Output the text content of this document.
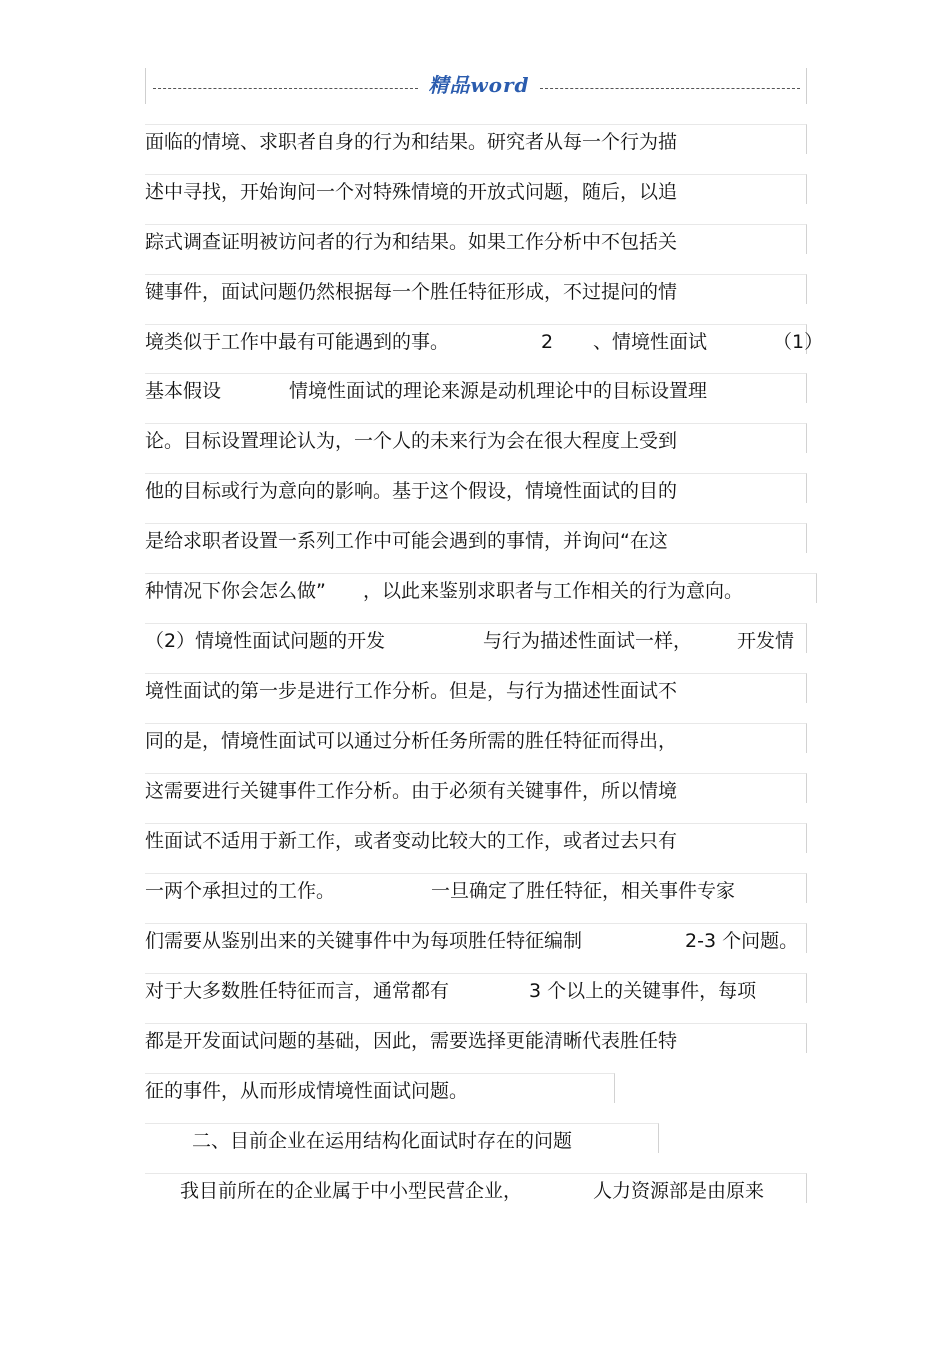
精品word
面临的情境、求职者自身的行为和结果。研究者从每一个行为描
述中寻找，开始询问一个对特殊情境的开放式问题，随后，以追
踪式调查证明被访问者的行为和结果。如果工作分析中不包括关
键事件，面试问题仍然根据每一个胜任特征形成，不过提问的情

境类似于工作中最有可能遇到的事。

	2

、情境性面试

	（1）

基本假设

	情境性面试的理论来源是动机理论中的目标设置理

论。目标设置理论认为，一个人的未来行为会在很大程度上受到
他的目标或行为意向的影响。基于这个假设，情境性面试的目的
是给求职者设置一系列工作中可能会遇到的事情，并询问“在这

种情况下你会怎么做”

，以此来鉴别求职者与工作相关的行为意向。

（2）情境性面试问题的开发

	与行为描述性面试一样，

开发情

境性面试的第一步是进行工作分析。但是，与行为描述性面试不
同的是，情境性面试可以通过分析任务所需的胜任特征而得出，
这需要进行关键事件工作分析。由于必须有关键事件，所以情境
性面试不适用于新工作，或者变动比较大的工作，或者过去只有

一两个承担过的工作。

	一旦确定了胜任特征，相关事件专家

们需要从鉴别出来的关键事件中为每项胜任特征编制

	2-3 个问题。

对于大多数胜任特征而言，通常都有

	3 个以上的关键事件，每项

都是开发面试问题的基础，因此，需要选择更能清晰代表胜任特
征的事件，从而形成情境性面试问题。
二、目前企业在运用结构化面试时存在的问题

我目前所在的企业属于中小型民营企业，

	人力资源部是由原来
